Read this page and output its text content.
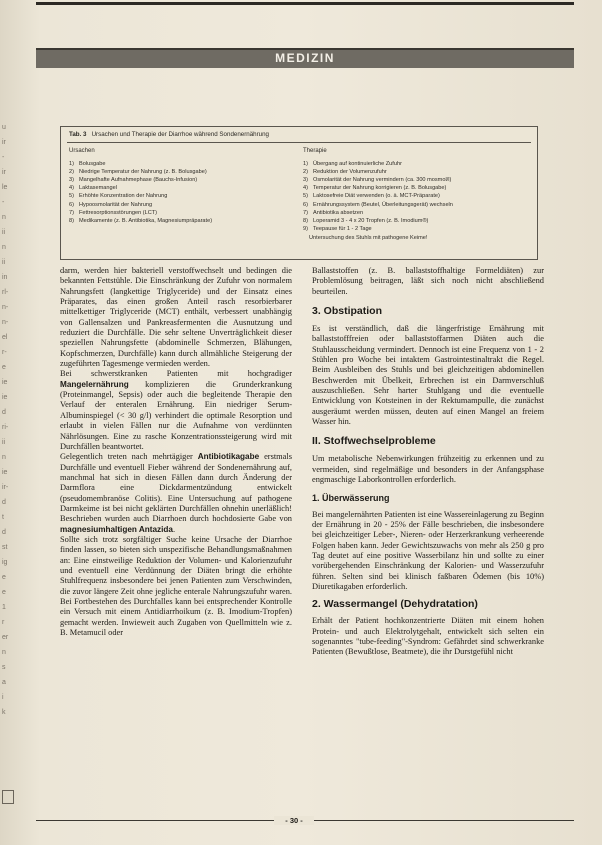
MEDIZIN
u
ir
-
ir
le
-
n
ii
n
ii
in
rl-
n-
n-
el
r-
e
ie
ie
d
ri-
ii
n
ie
ir-
d
t
d
st
ig
e
e
1
r
er
n
s
a
i
k
Tab. 3 Ursachen und Therapie der Diarrhoe während Sondenernährung
Ursachen
1) Bolusgabe
2) Niedrige Temperatur der Nahrung (z. B. Bolusgabe)
3) Mangelhafte Aufnahmephase (Bauchs-Infusion)
4) Laktasemangel
5) Erhöhte Konzentration der Nahrung
6) Hypoosmolarität der Nahrung
7) Fettresorptionsstörungen (LCT)
8) Medikamente (z. B. Antibiotika, Magnesiumpräparate)
Therapie
1) Übergang auf kontinuierliche Zufuhr
2) Reduktion der Volumenzufuhr
3) Osmolarität der Nahrung vermindern (ca. 300 mosmol/l)
4) Temperatur der Nahrung korrigieren (z. B. Bolusgabe)
5) Laktosefreie Diät verwenden (o. ä. MCT-Präparate)
6) Ernährungssystem (Beutel, Überleitungsgerät) wechseln
7) Antibiotika absetzen
8) Loperamid 3 - 4 x 20 Tropfen (z. B. Imodium®)
9) Teepause für 1 - 2 Tage
Untersuchung des Stuhls mit pathogene Keime!

darm, werden hier bakteriell verstoffwechselt und bedingen die bekannten Fettstühle. Die Einschränkung der Zufuhr von normalem Nahrungsfett (langkettige Triglyceride) und der Einsatz eines Präparates, das einen großen Anteil rasch resorbierbarer mittelkettiger Triglyceride (MCT) enthält, verbessert unabhängig von Gallensalzen und Pankreasfermenten die Ausnutzung und reduziert die Durchfälle. Die sehr seltene Unverträglichkeit dieser speziellen Nahrungsfette (abdominelle Schmerzen, Blähungen, Kopfschmerzen, Durchfälle) kann durch allmähliche Steigerung der zugeführten Tagesmenge vermieden werden.

Bei schwerstkranken Patienten mit hochgradiger Mangelernährung komplizieren die Grunderkrankung (Proteinmangel, Sepsis) oder auch die begleitende Therapie den Verlauf der enteralen Ernährung. Ein niedriger Serum-Albuminspiegel (< 30 g/l) verhindert die optimale Resorption und erlaubt in vielen Fällen nur die Aufnahme von verdünnten Nährlösungen. Eine zu rasche Konzentrationssteigerung wird mit Durchfällen beantwortet.

Gelegentlich treten nach mehrtägiger Antibiotikagabe erstmals Durchfälle und eventuell Fieber während der Sondenernährung auf, manchmal hat sich in diesen Fällen dann durch Änderung der Darmflora eine Dickdarmentzündung entwickelt (pseudomembranöse Colitis). Eine Untersuchung auf pathogene Darmkeime ist bei nicht geklärten Durchfällen ohnehin unerläßlich! Beschrieben wurden auch Diarrhoen durch hochdosierte Gabe von magnesiumhaltigen Antazida.

Sollte sich trotz sorgfältiger Suche keine Ursache der Diarrhoe finden lassen, so bieten sich unspezifische Behandlungsmaßnahmen an: Eine einstweilige Reduktion der Volumen- und Kalorienzufuhr und eventuell eine Verdünnung der Diäten bringt die erhöhte Stuhlfrequenz insbesondere bei jenen Patienten zum Verschwinden, die zuvor längere Zeit ohne jegliche enterale Nahrungszufuhr waren. Bei Fortbestehen des Durchfalles kann bei entsprechender Kontrolle ein Versuch mit einem Antidiarrhoikum (z. B. Imodium-Tropfen) gemacht werden. Inwieweit auch Zugaben von Quellmitteln wie z. B. Metamucil oder

Ballaststoffen (z. B. ballaststoffhaltige Formeldiäten) zur Problemlösung beitragen, läßt sich noch nicht abschließend beurteilen.

3. Obstipation

Es ist verständlich, daß die längerfristige Ernährung mit ballaststofffreien oder ballaststoffarmen Diäten auch die Stuhlausscheidung vermindert. Dennoch ist eine Frequenz von 1 - 2 Stühlen pro Woche bei intaktem Gastrointestinaltrakt die Regel. Beim Ausbleiben des Stuhls und bei gleichzeitigen abdominellen Beschwerden mit Übelkeit, Erbrechen ist ein Darmverschluß auszuschließen. Sehr harter Stuhlgang und die eventuelle Entwicklung von Kotsteinen in der Rektumampulle, die zunächst ausgeräumt werden müssen, deuten auf einen Mangel an freiem Wasser hin.

II. Stoffwechselprobleme

Um metabolische Nebenwirkungen frühzeitig zu erkennen und zu vermeiden, sind regelmäßige und besonders in der Anfangsphase engmaschige Laborkontrollen erforderlich.

1. Überwässerung

Bei mangelernährten Patienten ist eine Wassereinlagerung zu Beginn der Ernährung in 20 - 25% der Fälle beschrieben, die insbesondere bei gleichzeitiger Leber-, Nieren- oder Herzerkrankung verheerende Folgen haben kann. Jeder Gewichtszuwachs von mehr als 250 g pro Tag deutet auf eine positive Wasserbilanz hin und sollte zu einer vorübergehenden Einschränkung der Kalorien- und Wasserzufuhr führen. Selten sind bei klinisch faßbaren Ödemen (bis 10%) Diuretikagaben erforderlich.

2. Wassermangel (Dehydratation)

Erhält der Patient hochkonzentrierte Diäten mit einem hohen Protein- und auch Elektrolytgehalt, entwickelt sich selten ein sogenanntes "tube-feeding"-Syndrom: Gefährdet sind schwerkranke Patienten (Bewußtlose, Beatmete), die ihr Durstgefühl nicht

- 30 -
